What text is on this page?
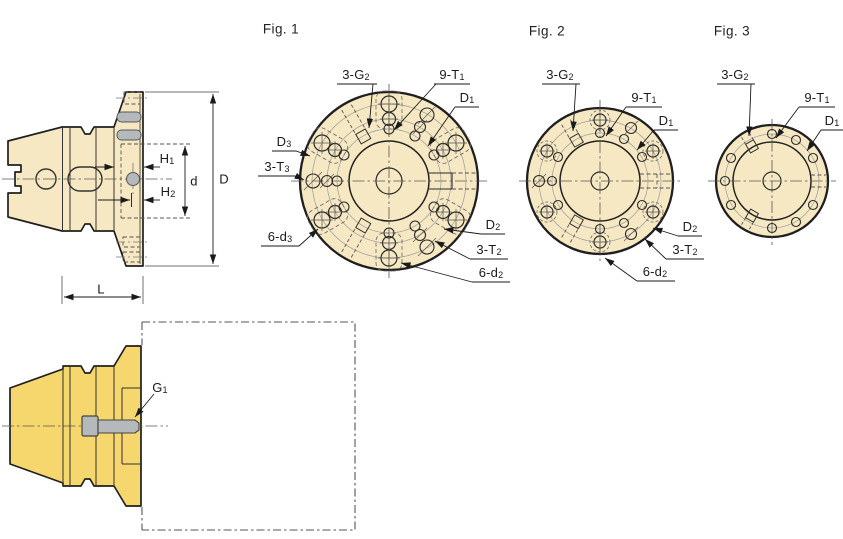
Fig. 1	Fig. 2	Fig. 3
3-G2	9-T1
D1
D3
3-T3
6-d3
D2
3-T2
6-d2
3-G2
9-T1
D1
D2
3-T2
6-d2
3-G2
9-T1
D1
H1
H2
d D
L
G1
